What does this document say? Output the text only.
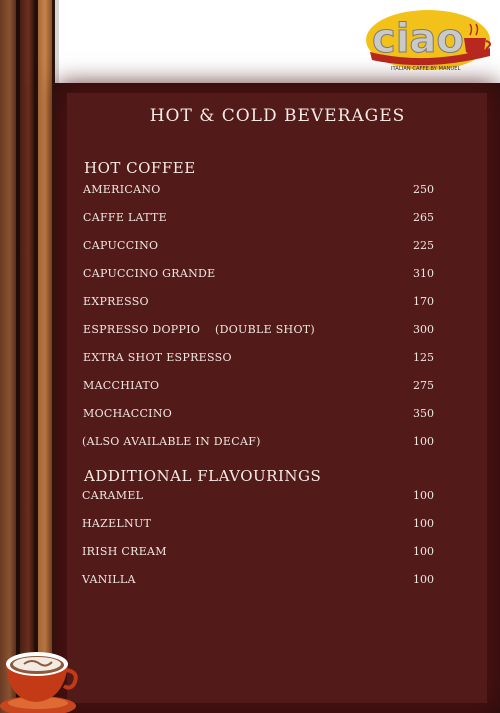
ciao
ITALIAN CAFFE BY MANUEL
HOT & COLD BEVERAGES
HOT COFFEE
AMERICANO	250
CAFFE LATTE	265
CAPUCCINO	225
CAPUCCINO GRANDE	310
EXPRESSO	170
ESPRESSO DOPPIO (DOUBLE SHOT)	300
EXTRA SHOT ESPRESSO	125
MACCHIATO	275
MOCHACCINO	350
(ALSO AVAILABLE IN DECAF)	100
ADDITIONAL FLAVOURINGS
CARAMEL	100
HAZELNUT	100
IRISH CREAM	100
VANILLA	100
